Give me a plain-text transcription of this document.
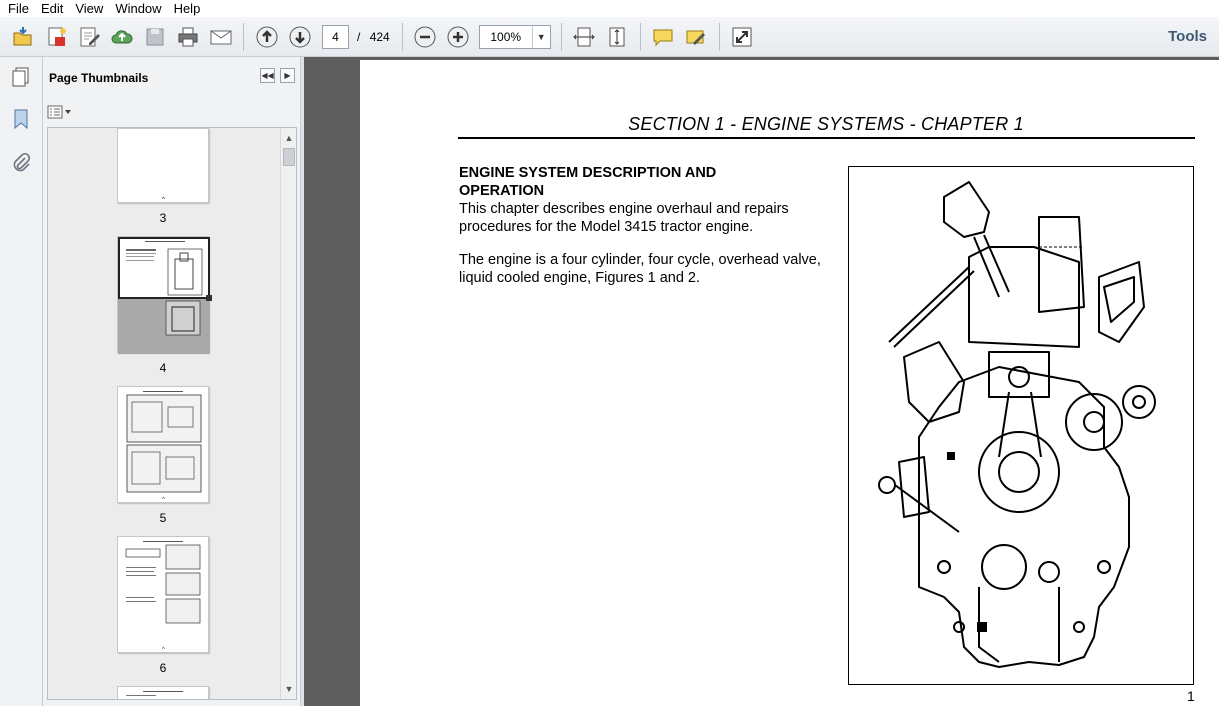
File Edit View Window Help
4	/ 424	100%	▼	Tools
Page Thumbnails	◀◀ ▶
^
3
4
^
5
^
6
▲
▼
SECTION 1 - ENGINE SYSTEMS - CHAPTER 1
ENGINE SYSTEM DESCRIPTION AND OPERATION
This chapter describes engine overhaul and repairs procedures for the Model 3415 tractor engine.
The engine is a four cylinder, four cycle, overhead valve, liquid cooled engine, Figures 1 and 2.
1
